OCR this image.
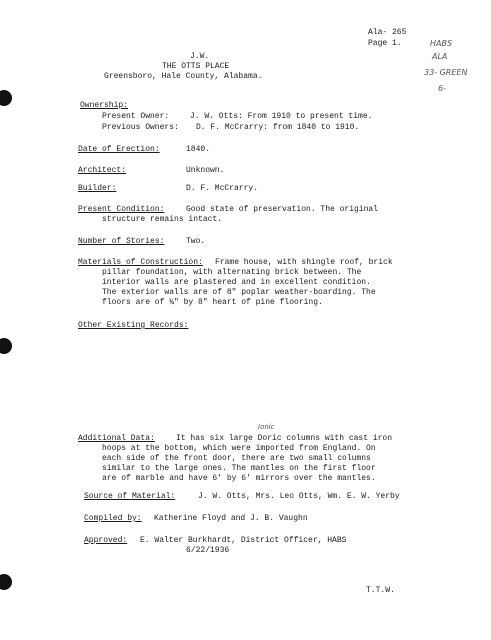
Ala- 265
Page 1.	HABS
ALA
33- GREEN
6-
J.W.
THE OTTS PLACE
Greensboro, Hale County, Alabama.
Ownership:
Present Owner:	J. W. Otts: From 1910 to present time.
Previous Owners: D. F. McCrarry: from 1840 to 1910.
Date of Erection:	1840.
Architect:	Unknown.
Builder:	D. F. McCrarry.
Present Condition:	Good state of preservation. The original
structure remains intact.
Number of Stories:	Two.
Materials of Construction: Frame house, with shingle roof, brick
pillar foundation, with alternating brick between. The
interior walls are plastered and in excellent condition.
The exterior walls are of 8" poplar weather-boarding. The
floors are of ¾" by 8" heart of pine flooring.
Other Existing Records:
Ionic
Additional Data:	It has six large Doric columns with cast iron
hoops at the bottom, which were imported from England. On
each side of the front door, there are two small columns
similar to the large ones. The mantles on the first floor
are of marble and have 6' by 6' mirrors over the mantles.
Source of Material:	J. W. Otts, Mrs. Leo Otts, Wm. E. W. Yerby
Compiled by: Katherine Floyd and J. B. Vaughn
Approved: E. Walter Burkhardt, District Officer, HABS
6/22/1936
T.T.W.
